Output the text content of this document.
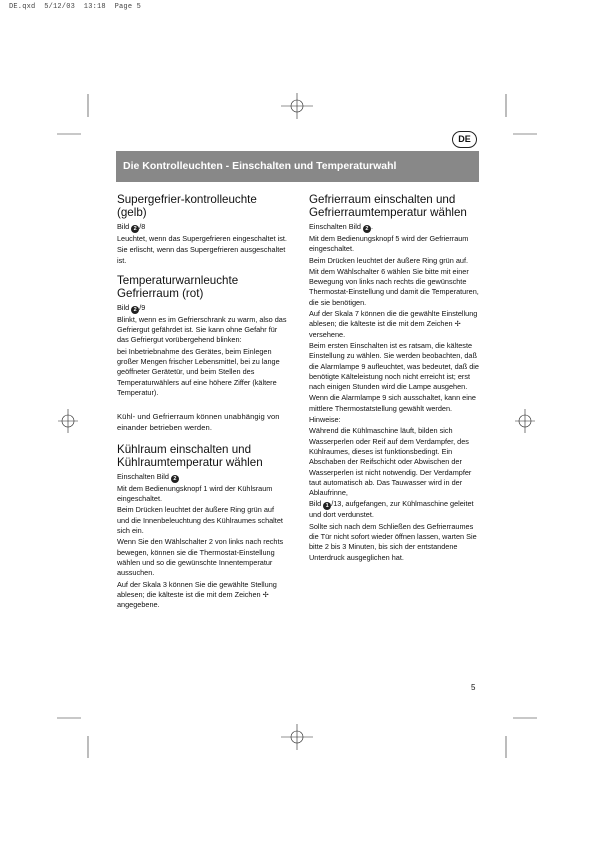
DE.qxd  5/12/03  13:18  Page 5
DE
Die Kontrolleuchten - Einschalten und Temperaturwahl
Supergefrier-kontrolleuchte (gelb)

Bild 2 /8

Leuchtet, wenn das Supergefrieren eingeschaltet ist.

Sie erlischt, wenn das Supergefrieren ausgeschaltet ist.

Temperaturwarnleuchte Gefrierraum (rot)

Bild 2 /9

Blinkt, wenn es im Gefrierschrank zu warm, also das Gefriergut gefährdet ist. Sie kann ohne Gefahr für das Gefriergut vorübergehend blinken:

bei Inbetriebnahme des Gerätes, beim Einlegen großer Mengen frischer Lebensmittel, bei zu lange geöffneter Gerätetür, und beim Stellen des Temperaturwählers auf eine höhere Ziffer (kältere Temperatur).

Kühl- und Gefrierraum können unabhängig von einander betrieben werden.

Kühlraum einschalten und Kühlraumtemperatur wählen

Einschalten Bild 2

Mit dem Bedienungsknopf 1 wird der Kühlsraum eingeschaltet.

Beim Drücken leuchtet der äußere Ring grün auf und die Innenbeleuchtung des Kühlraumes schaltet sich ein.

Wenn Sie den Wählschalter 2 von links nach rechts bewegen, können sie die Thermostat-Einstellung wählen und so die gewünschte Innentemperatur aussuchen.

Auf der Skala 3 können Sie die gewählte Stellung ablesen; die kälteste ist die mit dem Zeichen ✢ angegebene.

Gefrierraum einschalten und Gefrierraumtemperatur wählen

Einschalten Bild 2 .

Mit dem Bedienungsknopf 5 wird der Gefrierraum eingeschaltet.

Beim Drücken leuchtet der äußere Ring grün auf.

Mit dem Wählschalter 6 wählen Sie bitte mit einer Bewegung von links nach rechts die gewünschte Thermostat-Einstellung und damit die Temperaturen, die sie benötigen.

Auf der Skala 7 können die die gewählte Einstellung ablesen; die kälteste ist die mit dem Zeichen ✢ versehene.

Beim ersten Einschalten ist es ratsam, die kälteste Einstellung zu wählen. Sie werden beobachten, daß die Alarmlampe 9 aufleuchtet, was bedeutet, daß die benötigte Kälteleistung noch nicht erreicht ist; erst nach einigen Stunden wird die Lampe ausgehen.

Wenn die Alarmlampe 9 sich ausschaltet, kann eine mittlere Thermostatstellung gewählt werden.

Hinweise:

Während die Kühlmaschine läuft, bilden sich Wasserperlen oder Reif auf dem Verdampfer, des Kühlraumes, dieses ist funktionsbedingt. Ein Abschaben der Reifschicht oder Abwischen der Wasserperlen ist nicht notwendig. Der Verdampfer taut automatisch ab. Das Tauwasser wird in der Ablaufrinne,

Bild 1 /13, aufgefangen, zur Kühlmaschine geleitet und dort verdunstet.

Sollte sich nach dem Schließen des Gefrierraumes die Tür nicht sofort wieder öffnen lassen, warten Sie bitte 2 bis 3 Minuten, bis sich der entstandene Unterdruck ausgeglichen hat.

5
